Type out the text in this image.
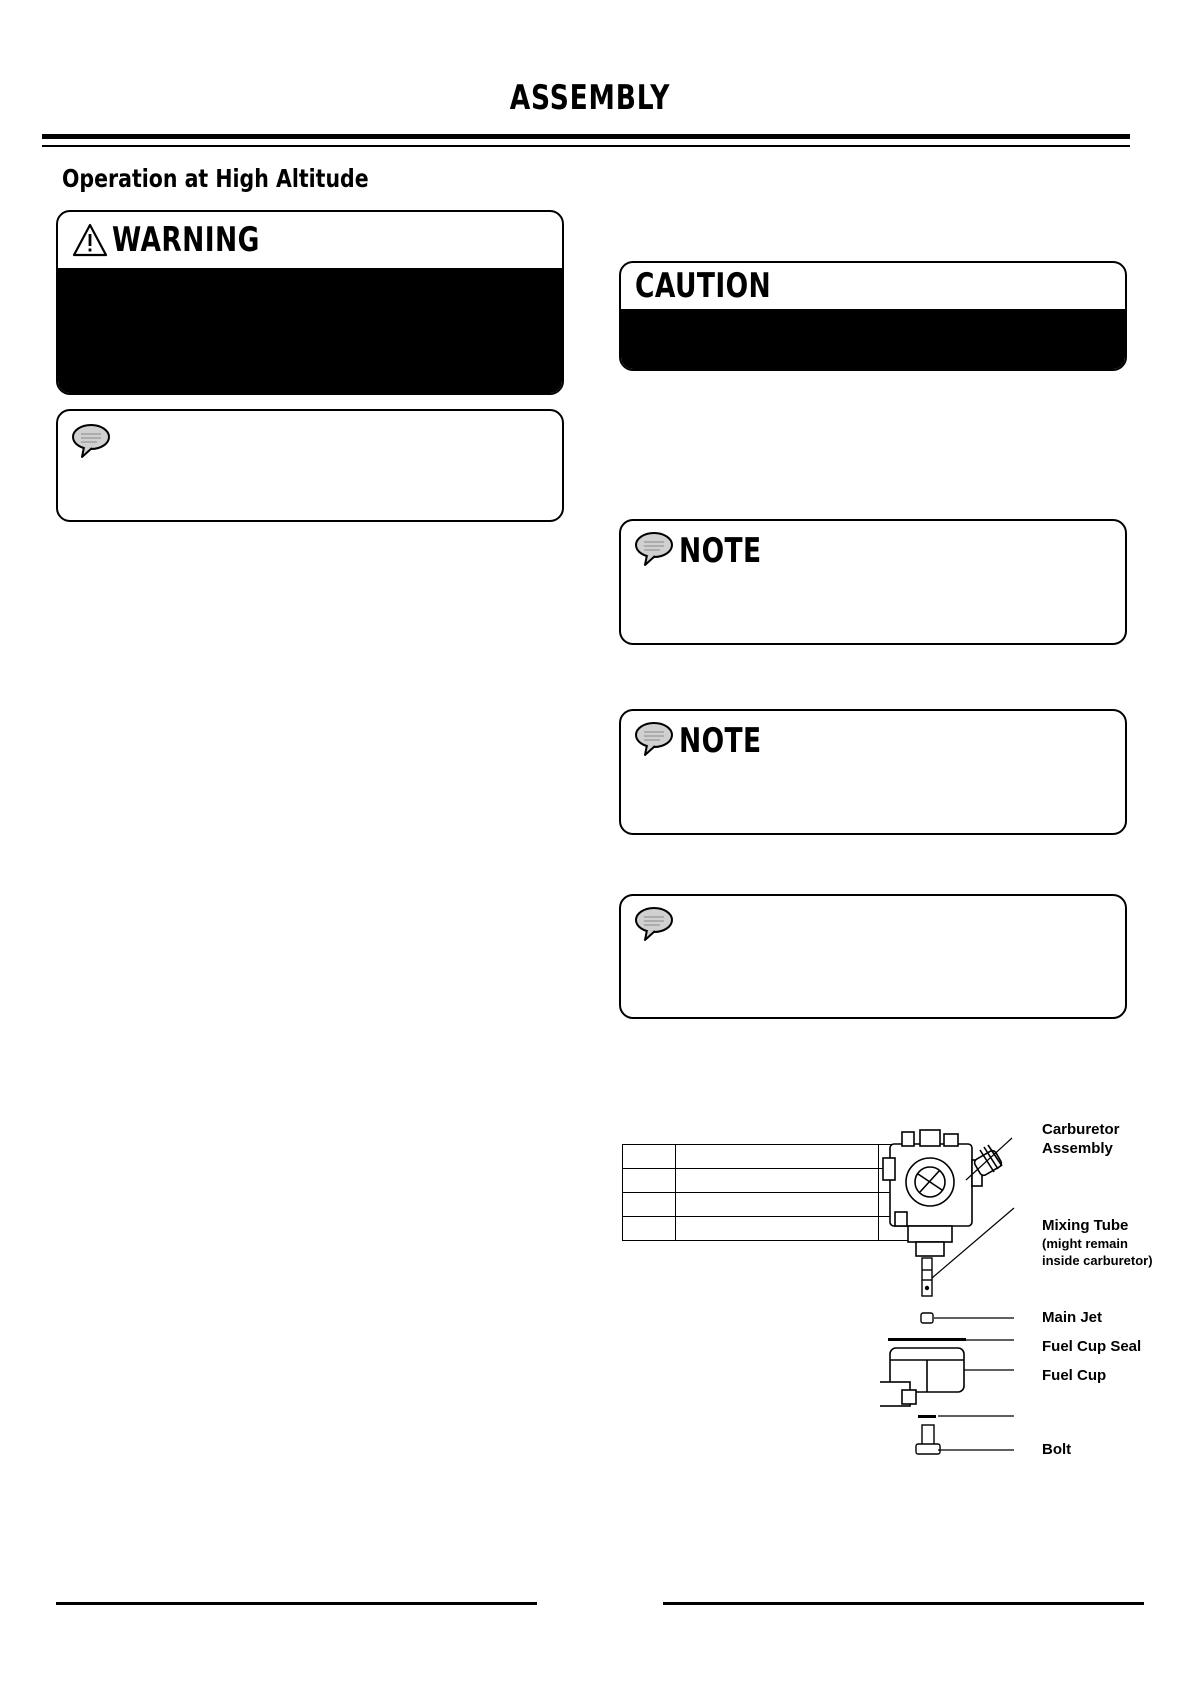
ASSEMBLY
Operation at High Altitude
WARNING
CAUTION
NOTE
NOTE

Carburetor
Assembly
Mixing Tube
(might remain
inside carburetor)
Main Jet
Fuel Cup Seal
Fuel Cup
Bolt
